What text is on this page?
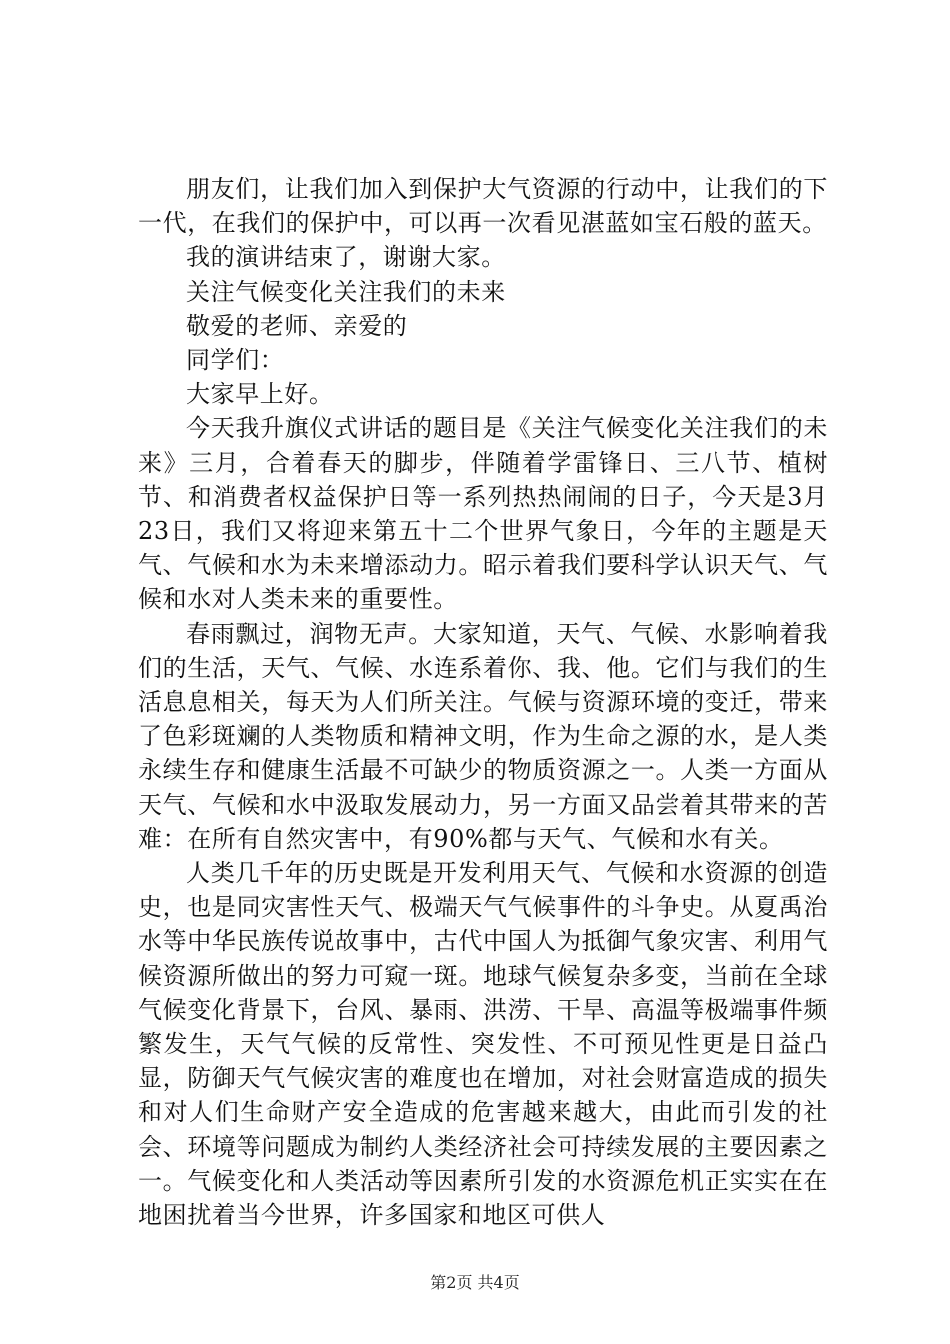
朋友们，让我们加入到保护大气资源的行动中，让我们的下一代，在我们的保护中，可以再一次看见湛蓝如宝石般的蓝天。

我的演讲结束了，谢谢大家。

关注气候变化关注我们的未来

敬爱的老师、亲爱的

同学们：

大家早上好。

今天我升旗仪式讲话的题目是《关注气候变化关注我们的未来》三月，合着春天的脚步，伴随着学雷锋日、三八节、植树节、和消费者权益保护日等一系列热热闹闹的日子，今天是3月23日，我们又将迎来第五十二个世界气象日，今年的主题是天气、气候和水为未来增添动力。昭示着我们要科学认识天气、气候和水对人类未来的重要性。

春雨飘过，润物无声。大家知道，天气、气候、水影响着我们的生活，天气、气候、水连系着你、我、他。它们与我们的生活息息相关，每天为人们所关注。气候与资源环境的变迁，带来了色彩斑斓的人类物质和精神文明，作为生命之源的水，是人类永续生存和健康生活最不可缺少的物质资源之一。人类一方面从天气、气候和水中汲取发展动力，另一方面又品尝着其带来的苦难：在所有自然灾害中，有90%都与天气、气候和水有关。

人类几千年的历史既是开发利用天气、气候和水资源的创造史，也是同灾害性天气、极端天气气候事件的斗争史。从夏禹治水等中华民族传说故事中，古代中国人为抵御气象灾害、利用气候资源所做出的努力可窥一斑。地球气候复杂多变，当前在全球气候变化背景下，台风、暴雨、洪涝、干旱、高温等极端事件频繁发生，天气气候的反常性、突发性、不可预见性更是日益凸显，防御天气气候灾害的难度也在增加，对社会财富造成的损失和对人们生命财产安全造成的危害越来越大，由此而引发的社会、环境等问题成为制约人类经济社会可持续发展的主要因素之一。气候变化和人类活动等因素所引发的水资源危机正实实在在地困扰着当今世界，许多国家和地区可供人

第2页 共4页
